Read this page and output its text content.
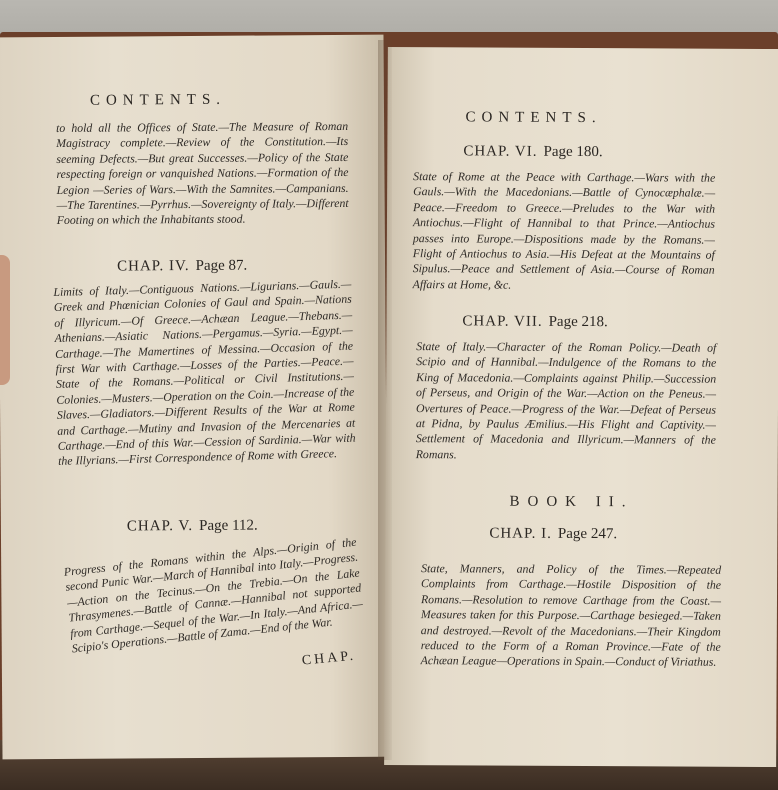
CONTENTS.
to hold all the Offices of State.—The Measure of Roman Magistracy complete.—Review of the Constitution.—Its seeming Defects.—But great Successes.—Policy of the State respecting foreign or vanquished Nations.—Formation of the Legion —Series of Wars.—With the Samnites.—Campanians.—The Tarentines.—Pyrrhus.—Sovereignty of Italy.—Different Footing on which the Inhabitants stood.
CHAP. IV. Page 87.
Limits of Italy.—Contiguous Nations.—Ligurians.—Gauls.—Greek and Phœnician Colonies of Gaul and Spain.—Nations of Illyricum.—Of Greece.—Achæan League.—Thebans.—Athenians.—Asiatic Nations.—Pergamus.—Syria.—Egypt.—Carthage.—The Mamertines of Messina.—Occasion of the first War with Carthage.—Losses of the Parties.—Peace.—State of the Romans.—Political or Civil Institutions.—Colonies.—Musters.—Operation on the Coin.—Increase of the Slaves.—Gladiators.—Different Results of the War at Rome and Carthage.—Mutiny and Invasion of the Mercenaries at Carthage.—End of this War.—Cession of Sardinia.—War with the Illyrians.—First Correspondence of Rome with Greece.
CHAP. V. Page 112.
Progress of the Romans within the Alps.—Origin of the second Punic War.—March of Hannibal into Italy.—Progress.—Action on the Tecinus.—On the Trebia.—On the Lake Thrasymenes.—Battle of Cannæ.—Hannibal not supported from Carthage.—Sequel of the War.—In Italy.—And Africa.—Scipio's Operations.—Battle of Zama.—End of the War.
CHAP.
CONTENTS.
CHAP. VI. Page 180.
State of Rome at the Peace with Carthage.—Wars with the Gauls.—With the Macedonians.—Battle of Cynocæphalæ.—Peace.—Freedom to Greece.—Preludes to the War with Antiochus.—Flight of Hannibal to that Prince.—Antiochus passes into Europe.—Dispositions made by the Romans.—Flight of Antiochus to Asia.—His Defeat at the Mountains of Sipulus.—Peace and Settlement of Asia.—Course of Roman Affairs at Home, &c.
CHAP. VII. Page 218.
State of Italy.—Character of the Roman Policy.—Death of Scipio and of Hannibal.—Indulgence of the Romans to the King of Macedonia.—Complaints against Philip.—Succession of Perseus, and Origin of the War.—Action on the Peneus.—Overtures of Peace.—Progress of the War.—Defeat of Perseus at Pidna, by Paulus Æmilius.—His Flight and Captivity.—Settlement of Macedonia and Illyricum.—Manners of the Romans.
BOOK II.
CHAP. I. Page 247.
State, Manners, and Policy of the Times.—Repeated Complaints from Carthage.—Hostile Disposition of the Romans.—Resolution to remove Carthage from the Coast.—Measures taken for this Purpose.—Carthage besieged.—Taken and destroyed.—Revolt of the Macedonians.—Their Kingdom reduced to the Form of a Roman Province.—Fate of the Achæan League—Operations in Spain.—Conduct of Viriathus.
